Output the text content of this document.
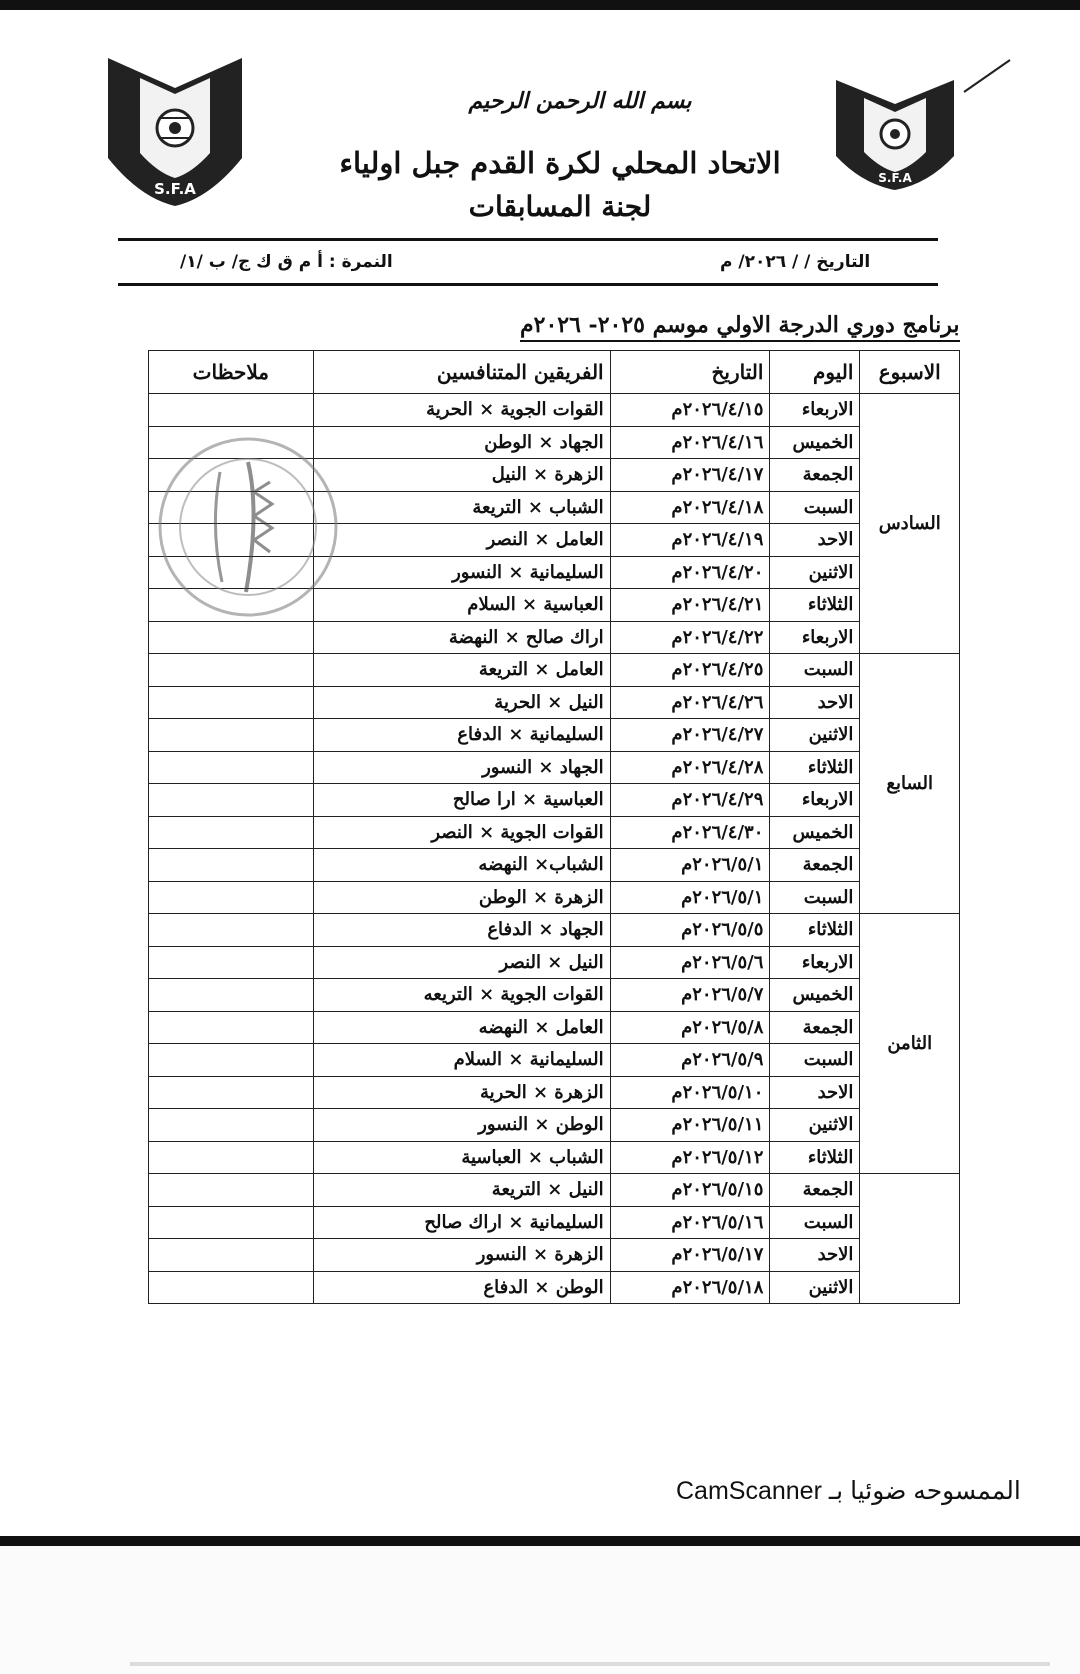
S.F.A
S.F.A
بسم الله الرحمن الرحيم
الاتحاد المحلي لكرة القدم جبل اولياء
لجنة المسابقات
التاريخ / / ٢٠٢٦/ م
النمرة : أ م ق ك ج/ ب /١/
برنامج دوري الدرجة الاولي موسم ٢٠٢٥- ٢٠٢٦م
الاسبوع	اليوم	التاريخ	الفريقين المتنافسين	ملاحظات
السادس	الاربعاء	٢٠٢٦/٤/١٥م	القوات الجوية × الحرية	
	الخميس	٢٠٢٦/٤/١٦م	الجهاد × الوطن	
	الجمعة	٢٠٢٦/٤/١٧م	الزهرة × النيل	
	السبت	٢٠٢٦/٤/١٨م	الشباب × التريعة	
	الاحد	٢٠٢٦/٤/١٩م	العامل × النصر	
	الاثنين	٢٠٢٦/٤/٢٠م	السليمانية × النسور	
	الثلاثاء	٢٠٢٦/٤/٢١م	العباسية × السلام	
	الاربعاء	٢٠٢٦/٤/٢٢م	اراك صالح × النهضة	
السابع	السبت	٢٠٢٦/٤/٢٥م	العامل × التريعة	
	الاحد	٢٠٢٦/٤/٢٦م	النيل × الحرية	
	الاثنين	٢٠٢٦/٤/٢٧م	السليمانية × الدفاع	
	الثلاثاء	٢٠٢٦/٤/٢٨م	الجهاد × النسور	
	الاربعاء	٢٠٢٦/٤/٢٩م	العباسية × ارا صالح	
	الخميس	٢٠٢٦/٤/٣٠م	القوات الجوية × النصر	
	الجمعة	٢٠٢٦/٥/١م	الشباب× النهضه	
	السبت	٢٠٢٦/٥/١م	الزهرة × الوطن	
الثامن	الثلاثاء	٢٠٢٦/٥/٥م	الجهاد × الدفاع	
	الاربعاء	٢٠٢٦/٥/٦م	النيل × النصر	
	الخميس	٢٠٢٦/٥/٧م	القوات الجوية × التريعه	
	الجمعة	٢٠٢٦/٥/٨م	العامل × النهضه	
	السبت	٢٠٢٦/٥/٩م	السليمانية × السلام	
	الاحد	٢٠٢٦/٥/١٠م	الزهرة × الحرية	
	الاثنين	٢٠٢٦/٥/١١م	الوطن × النسور	
	الثلاثاء	٢٠٢٦/٥/١٢م	الشباب × العباسية	
	الجمعة	٢٠٢٦/٥/١٥م	النيل × التريعة	
	السبت	٢٠٢٦/٥/١٦م	السليمانية × اراك صالح	
	الاحد	٢٠٢٦/٥/١٧م	الزهرة × النسور	
	الاثنين	٢٠٢٦/٥/١٨م	الوطن × الدفاع	
الممسوحه ضوئيا بـ CamScanner
